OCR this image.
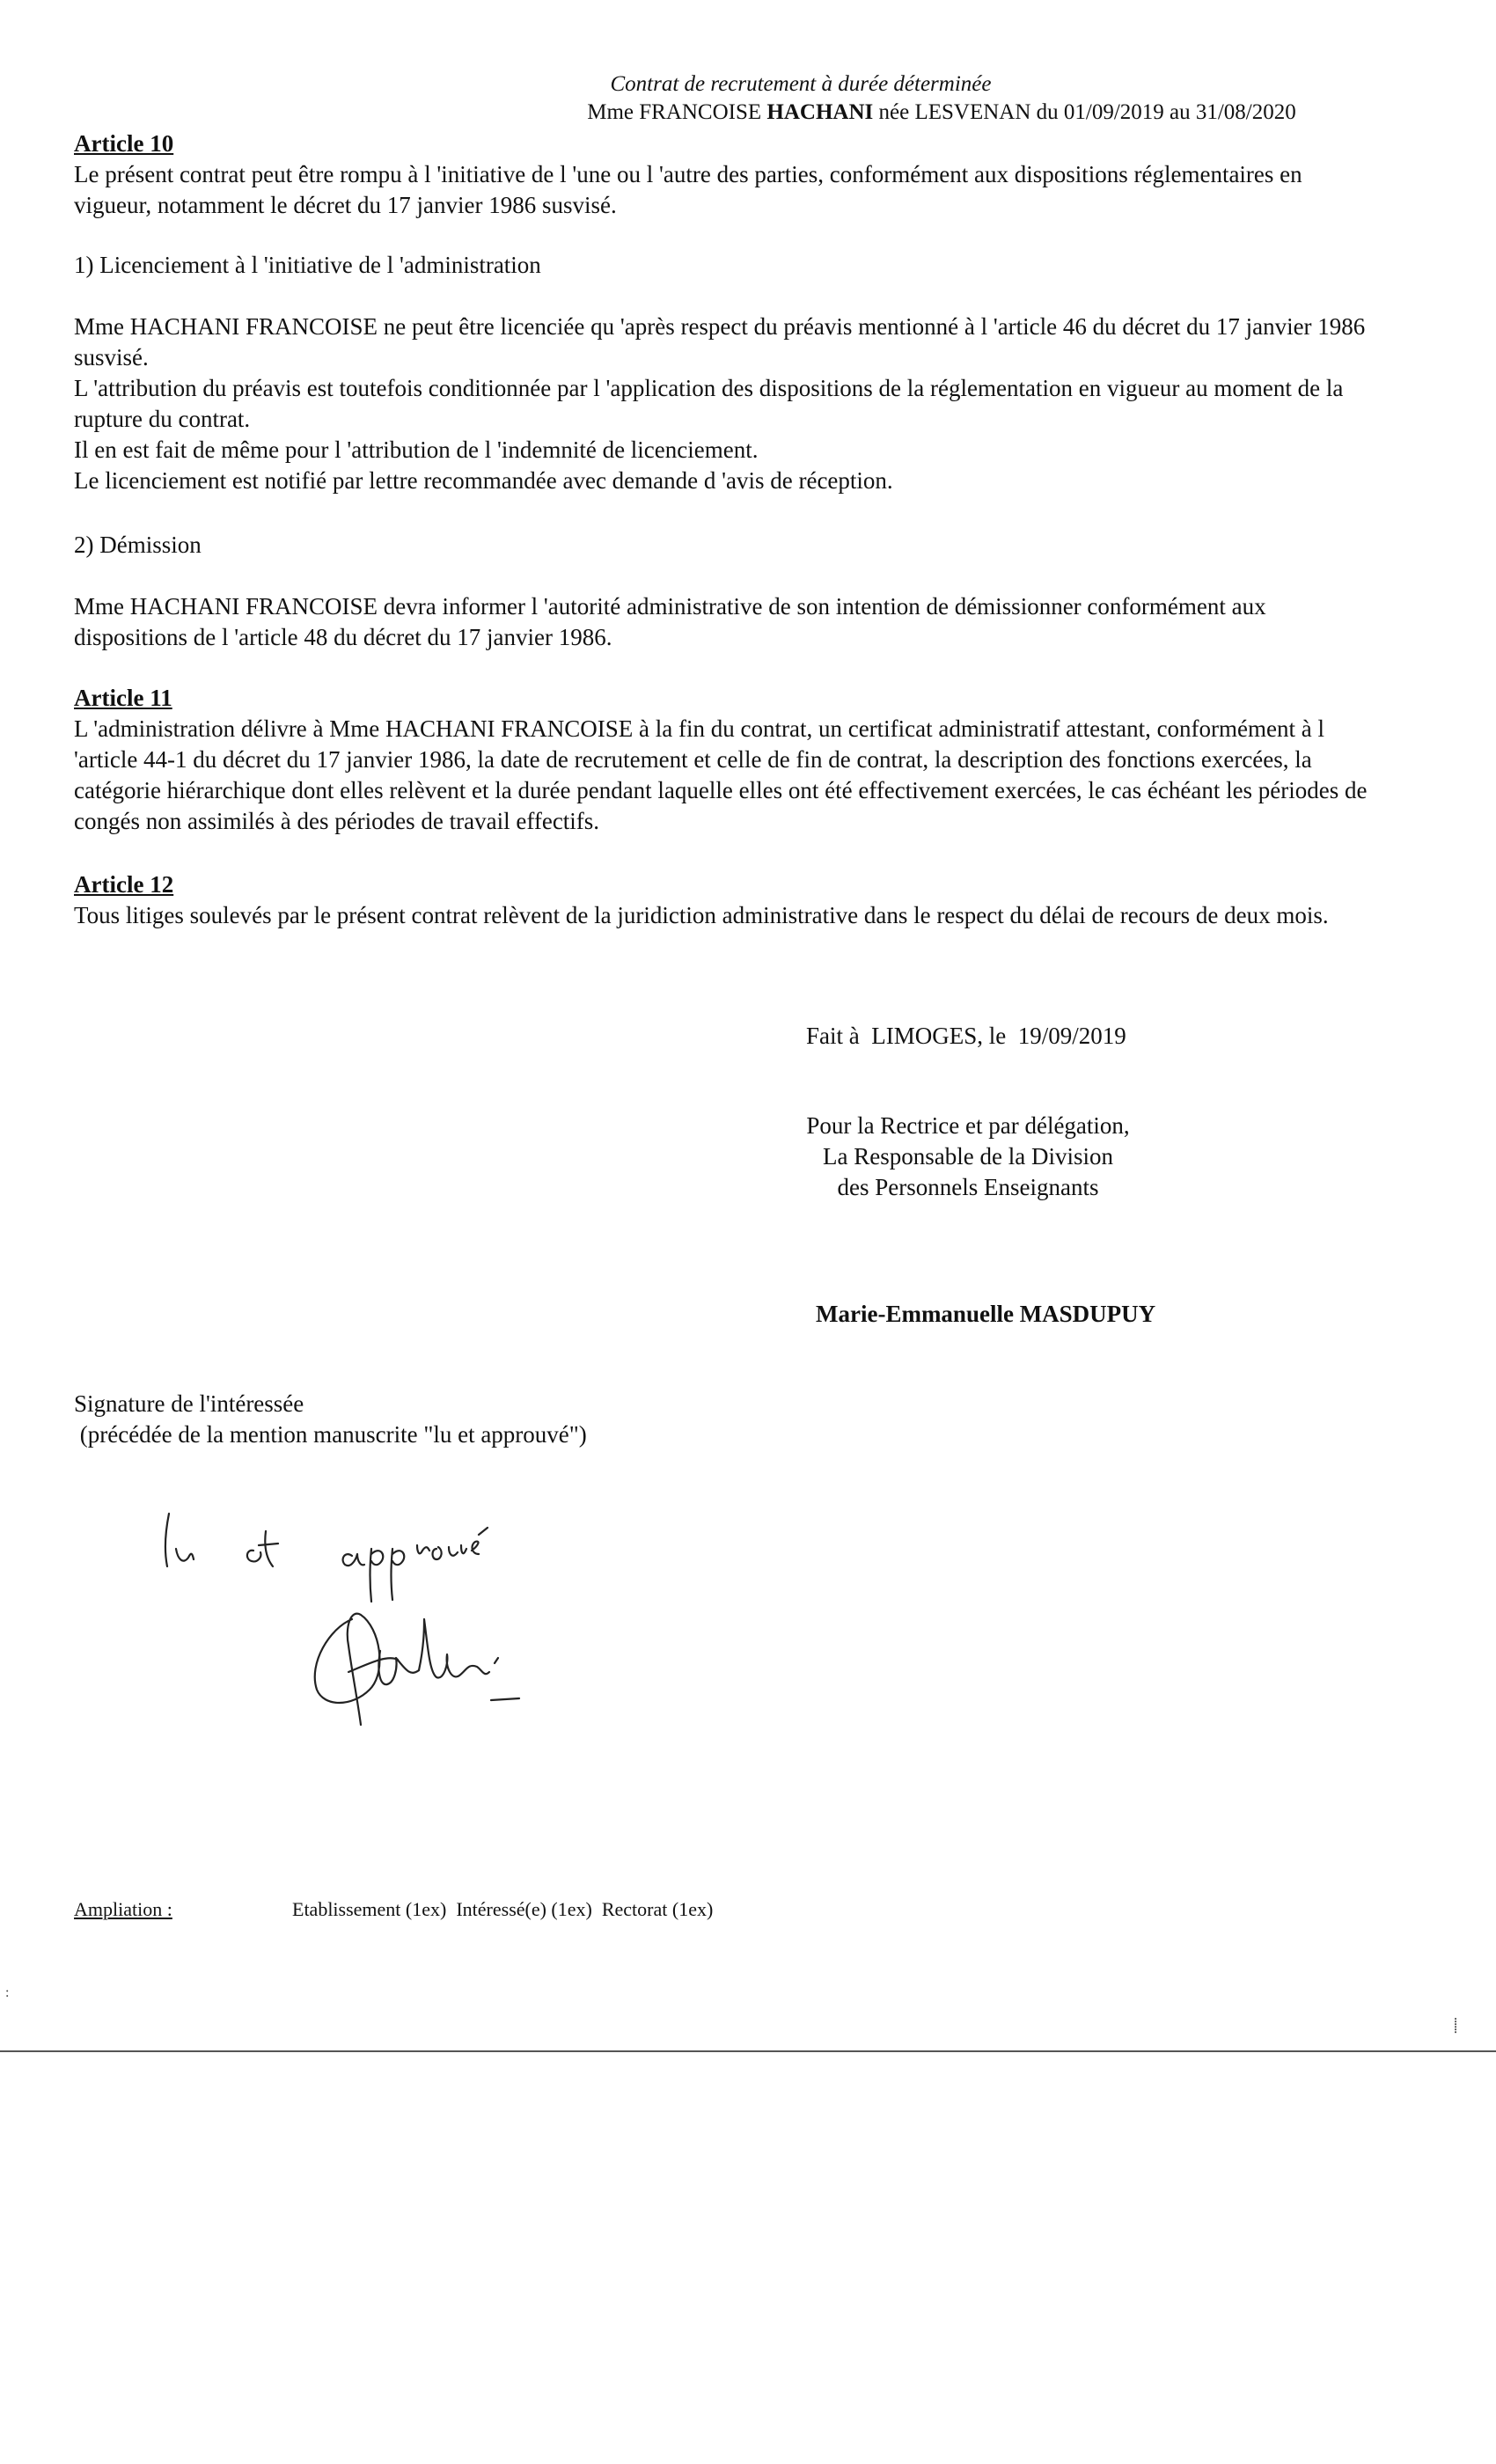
Contrat de recrutement à durée déterminée
Mme FRANCOISE HACHANI née LESVENAN du 01/09/2019 au 31/08/2020

Article 10

Le présent contrat peut être rompu à l 'initiative de l 'une ou l 'autre des parties, conformément aux dispositions réglementaires en vigueur, notamment le décret du 17 janvier 1986 susvisé.

1) Licenciement à l 'initiative de l 'administration

Mme HACHANI FRANCOISE ne peut être licenciée qu 'après respect du préavis mentionné à l 'article 46 du décret du 17 janvier 1986 susvisé.

L 'attribution du préavis est toutefois conditionnée par l 'application des dispositions de la réglementation en vigueur au moment de la rupture du contrat.

Il en est fait de même pour l 'attribution de l 'indemnité de licenciement.

Le licenciement est notifié par lettre recommandée avec demande d 'avis de réception.

2) Démission

Mme HACHANI FRANCOISE devra informer l 'autorité administrative de son intention de démissionner conformément aux dispositions de l 'article 48 du décret du 17 janvier 1986.

Article 11

L 'administration délivre à Mme HACHANI FRANCOISE à la fin du contrat, un certificat administratif attestant, conformément à l 'article 44-1 du décret du 17 janvier 1986, la date de recrutement et celle de fin de contrat, la description des fonctions exercées, la catégorie hiérarchique dont elles relèvent et la durée pendant laquelle elles ont été effectivement exercées, le cas échéant les périodes de congés non assimilés à des périodes de travail effectifs.

Article 12

Tous litiges soulevés par le présent contrat relèvent de la juridiction administrative dans le respect du délai de recours de deux mois.

Fait à  LIMOGES, le  19/09/2019
Pour la Rectrice et par délégation,
La Responsable de la Division
des Personnels Enseignants
Marie-Emmanuelle MASDUPUY
Signature de l'intéressée
(précédée de la mention manuscrite "lu et approuvé")
Ampliation :	Etablissement (1ex)  Intéressé(e) (1ex)  Rectorat (1ex)
:
⸽
